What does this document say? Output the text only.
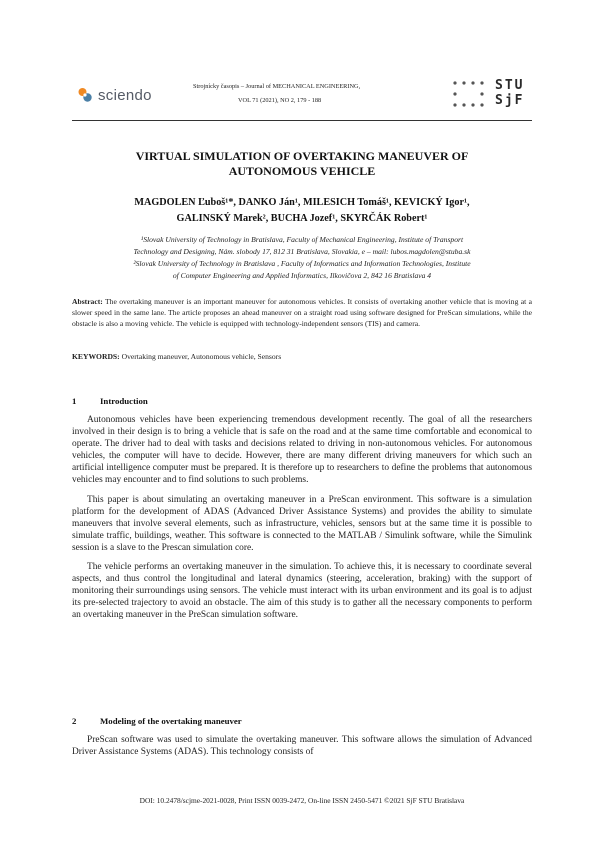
sciendo	Strojnícky časopis – Journal of MECHANICAL ENGINEERING,
VOL 71 (2021), NO 2, 179 - 188
STU
SjF
VIRTUAL SIMULATION OF OVERTAKING MANEUVER OF
AUTONOMOUS VEHICLE
MAGDOLEN Ľuboš¹*, DANKO Ján¹, MILESICH Tomáš¹, KEVICKÝ Igor¹,
GALINSKÝ Marek², BUCHA Jozef¹, SKYRČÁK Robert¹
¹Slovak University of Technology in Bratislava, Faculty of Mechanical Engineering, Institute of Transport
Technology and Designing, Nám. slobody 17, 812 31 Bratislava, Slovakia, e – mail: lubos.magdolen@stuba.sk
²Slovak University of Technology in Bratislava , Faculty of Informatics and Information Technologies, Institute
of Computer Engineering and Applied Informatics, Ilkovičova 2, 842 16 Bratislava 4
Abstract: The overtaking maneuver is an important maneuver for autonomous vehicles. It consists of overtaking another vehicle that is moving at a slower speed in the same lane. The article proposes an ahead maneuver on a straight road using software designed for PreScan simulations, while the obstacle is also a moving vehicle. The vehicle is equipped with technology-independent sensors (TIS) and camera.
KEYWORDS: Overtaking maneuver, Autonomous vehicle, Sensors
1	Introduction

Autonomous vehicles have been experiencing tremendous development recently. The goal of all the researchers involved in their design is to bring a vehicle that is safe on the road and at the same time comfortable and economical to operate. The driver had to deal with tasks and decisions related to driving in non-autonomous vehicles. For autonomous vehicles, the computer will have to decide. However, there are many different driving maneuvers for which such an artificial intelligence computer must be prepared. It is therefore up to researchers to define the problems that autonomous vehicles may encounter and to find solutions to such problems.

This paper is about simulating an overtaking maneuver in a PreScan environment. This software is a simulation platform for the development of ADAS (Advanced Driver Assistance Systems) and provides the ability to simulate maneuvers that involve several elements, such as infrastructure, vehicles, sensors but at the same time it is possible to simulate traffic, buildings, weather. This software is connected to the MATLAB / Simulink software, while the Simulink session is a slave to the Prescan simulation core.

The vehicle performs an overtaking maneuver in the simulation. To achieve this, it is necessary to coordinate several aspects, and thus control the longitudinal and lateral dynamics (steering, acceleration, braking) with the support of monitoring their surroundings using sensors. The vehicle must interact with its urban environment and its goal is to adjust its pre-selected trajectory to avoid an obstacle. The aim of this study is to gather all the necessary components to perform an overtaking maneuver in the PreScan simulation software.

2	Modeling of the overtaking maneuver

PreScan software was used to simulate the overtaking maneuver. This software allows the simulation of Advanced Driver Assistance Systems (ADAS). This technology consists of

DOI: 10.2478/scjme-2021-0028, Print ISSN 0039-2472, On-line ISSN 2450-5471 ©2021 SjF STU Bratislava
